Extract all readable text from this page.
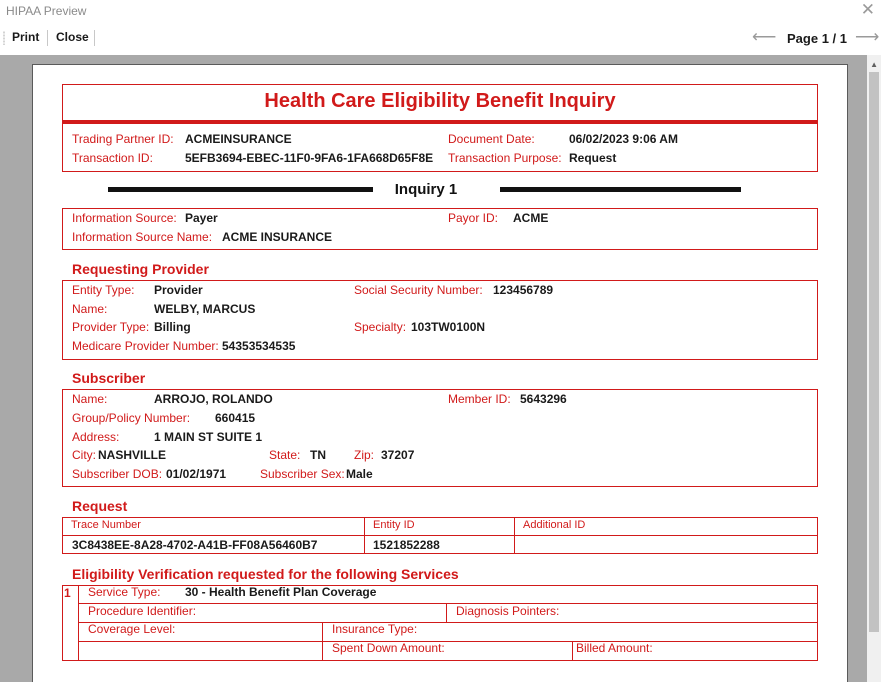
HIPAA Preview	✕
Print Close	⟵ Page 1 / 1 ⟶
▲
Health Care Eligibility Benefit Inquiry
Trading Partner ID: ACMEINSURANCE	Document Date:	06/02/2023 9:06 AM
Transaction ID:	5EFB3694-EBEC-11F0-9FA6-1FA668D65F8E Transaction Purpose: Request
Inquiry 1
Information Source: Payer	Payor ID: ACME
Information Source Name: ACME INSURANCE
Requesting Provider
Entity Type: Provider	Social Security Number: 123456789
Name:	WELBY, MARCUS
Provider Type: Billing	Specialty: 103TW0100N
Medicare Provider Number: 54353534535
Subscriber
Name:	ARROJO, ROLANDO	Member ID: 5643296
Group/Policy Number: 660415
Address:	1 MAIN ST SUITE 1
City: NASHVILLE	State: TN Zip: 37207
Subscriber DOB: 01/02/1971	Subscriber Sex: Male
Request
Trace Number	Entity ID	Additional ID
3C8438EE-8A28-4702-A41B-FF08A56460B7	1521852288
Eligibility Verification requested for the following Services
1 Service Type: 30 - Health Benefit Plan Coverage
Procedure Identifier:	Diagnosis Pointers:
Coverage Level:	Insurance Type:
Spent Down Amount:	Billed Amount:
